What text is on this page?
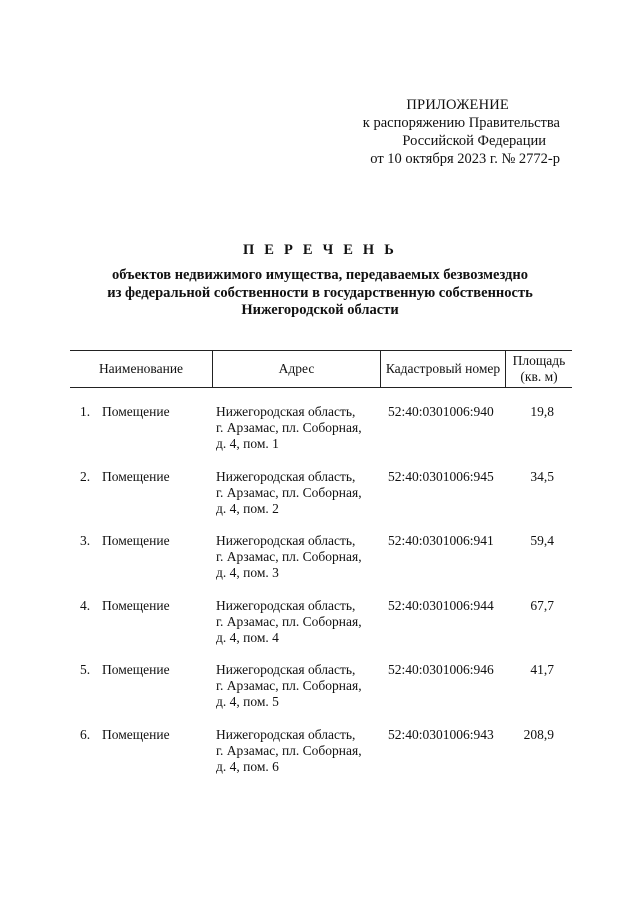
ПРИЛОЖЕНИЕ
к распоряжению Правительства
Российской Федерации
от 10 октября 2023 г. № 2772-р
П Е Р Е Ч Е Н Ь
объектов недвижимого имущества, передаваемых безвозмездно
из федеральной собственности в государственную собственность
Нижегородской области
Наименование	Адрес	Кадастровый номер
Площадь (кв. м)
1. Помещение	Нижегородская область,
г. Арзамас, пл. Соборная,
д. 4, пом. 1
52:40:0301006:940	19,8
2. Помещение	Нижегородская область,
г. Арзамас, пл. Соборная,
д. 4, пом. 2
52:40:0301006:945	34,5
3. Помещение	Нижегородская область,
г. Арзамас, пл. Соборная,
д. 4, пом. 3
52:40:0301006:941	59,4
4. Помещение	Нижегородская область,
г. Арзамас, пл. Соборная,
д. 4, пом. 4
52:40:0301006:944	67,7
5. Помещение	Нижегородская область,
г. Арзамас, пл. Соборная,
д. 4, пом. 5
52:40:0301006:946	41,7
6. Помещение	Нижегородская область,
г. Арзамас, пл. Соборная,
д. 4, пом. 6
52:40:0301006:943	208,9
